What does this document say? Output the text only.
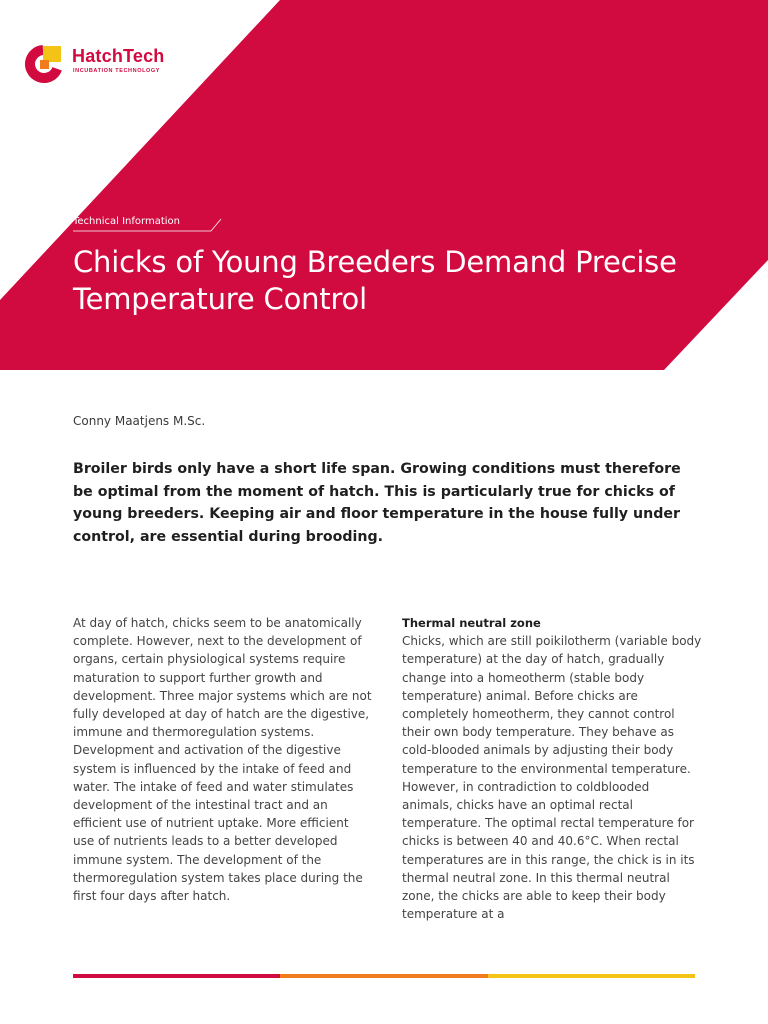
HatchTech
INCUBATION TECHNOLOGY
Technical Information
Chicks of Young Breeders Demand Precise Temperature Control
Conny Maatjens M.Sc.

Broiler birds only have a short life span. Growing conditions must therefore be optimal from the moment of hatch. This is particularly true for chicks of young breeders. Keeping air and floor temperature in the house fully under control, are essential during brooding.

At day of hatch, chicks seem to be anatomically complete. However, next to the development of organs, certain physiological systems require maturation to support further growth and development. Three major systems which are not fully developed at day of hatch are the digestive, immune and thermoregulation systems. Development and activation of the digestive system is influenced by the intake of feed and water. The intake of feed and water stimulates development of the intestinal tract and an efficient use of nutrient uptake. More efficient use of nutrients leads to a better developed immune system. The development of the thermoregulation system takes place during the first four days after hatch.

Thermal neutral zone

Chicks, which are still poikilotherm (variable body temperature) at the day of hatch, gradually change into a homeotherm (stable body temperature) animal. Before chicks are completely homeotherm, they cannot control their own body temperature. They behave as cold-blooded animals by adjusting their body temperature to the environmental temperature. However, in contradiction to coldblooded animals, chicks have an optimal rectal temperature. The optimal rectal temperature for chicks is between 40 and 40.6°C. When rectal temperatures are in this range, the chick is in its thermal neutral zone. In this thermal neutral zone, the chicks are able to keep their body temperature at a
